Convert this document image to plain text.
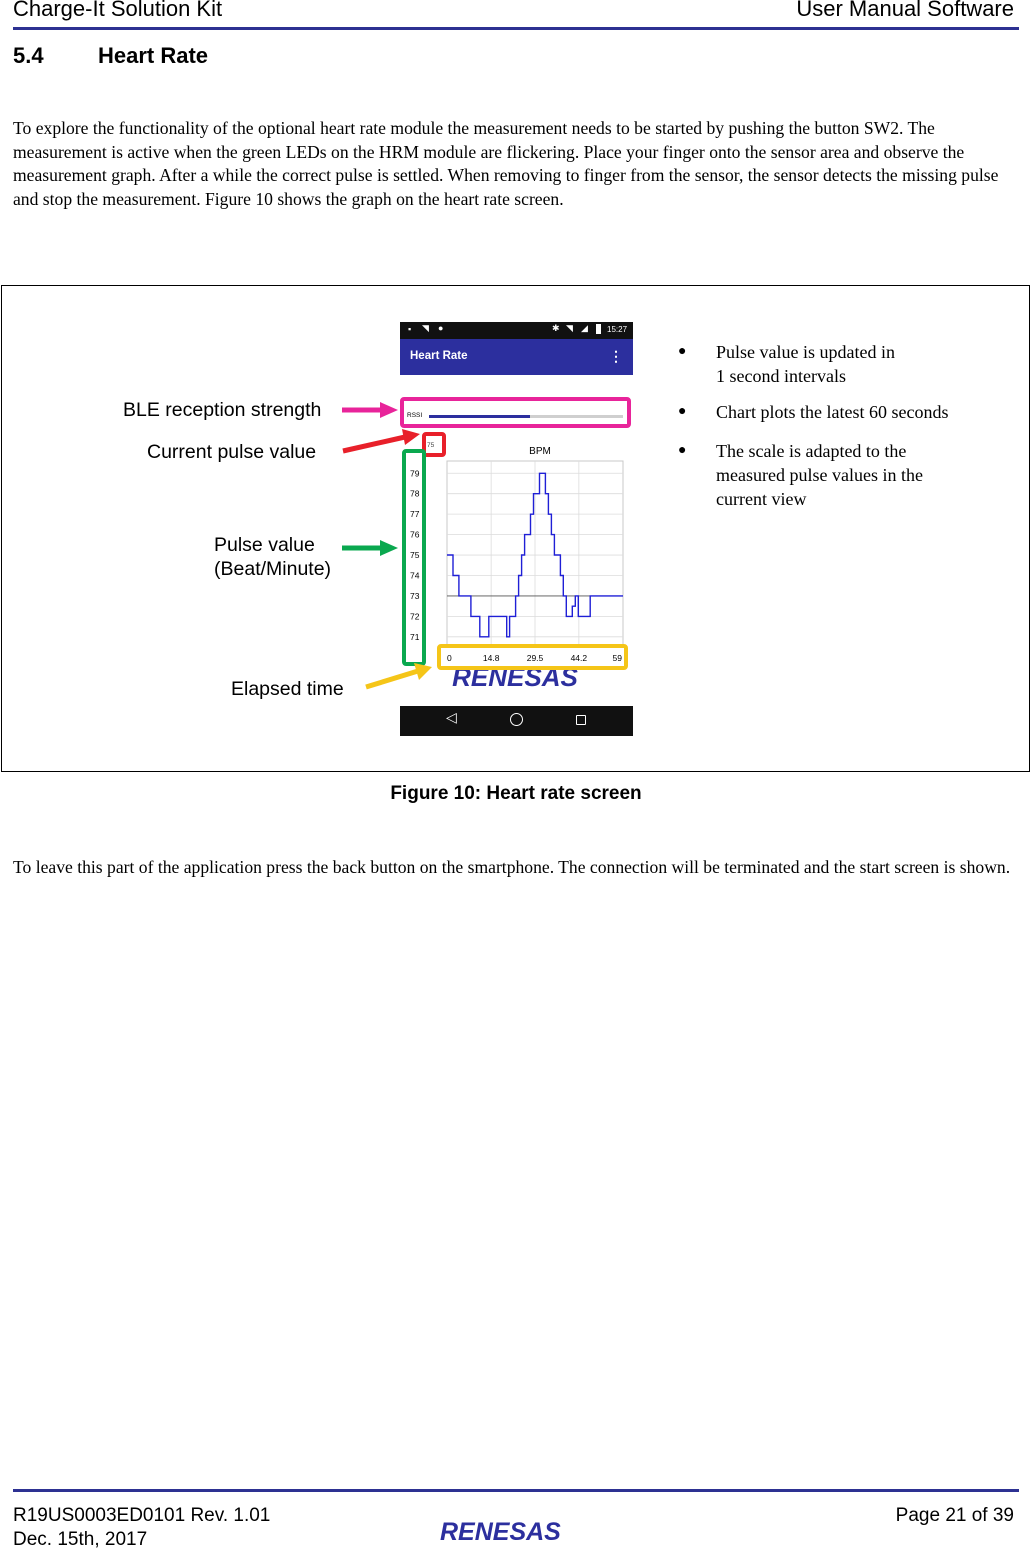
Charge-It Solution Kit	User Manual Software
5.4 Heart Rate
To explore the functionality of the optional heart rate module the measurement needs to be started by pushing the button SW2. The measurement is active when the green LEDs on the HRM module are flickering. Place your finger onto the sensor area and observe the measurement graph. After a while the correct pulse is settled. When removing to finger from the sensor, the sensor detects the missing pulse and stop the measurement. Figure 10 shows the graph on the heart rate screen.
BLE reception strength
Current pulse value
Pulse value
(Beat/Minute)
Elapsed time
▪ ◥ ●	✱ ◥ ◢ 15:27
Heart Rate	⋮
RSSI
75
◁
BPM
79
78
77
76
75
74
73
72
71
0	14.8	29.5	44.2	59
RENESAS
● Pulse value is updated in
1 second intervals
● Chart plots the latest 60 seconds
● The scale is adapted to the
measured pulse values in the
current view
Figure 10: Heart rate screen
To leave this part of the application press the back button on the smartphone. The connection will be terminated and the start screen is shown.
R19US0003ED0101 Rev. 1.01
Dec. 15th, 2017	RENESAS
Page 21 of 39
